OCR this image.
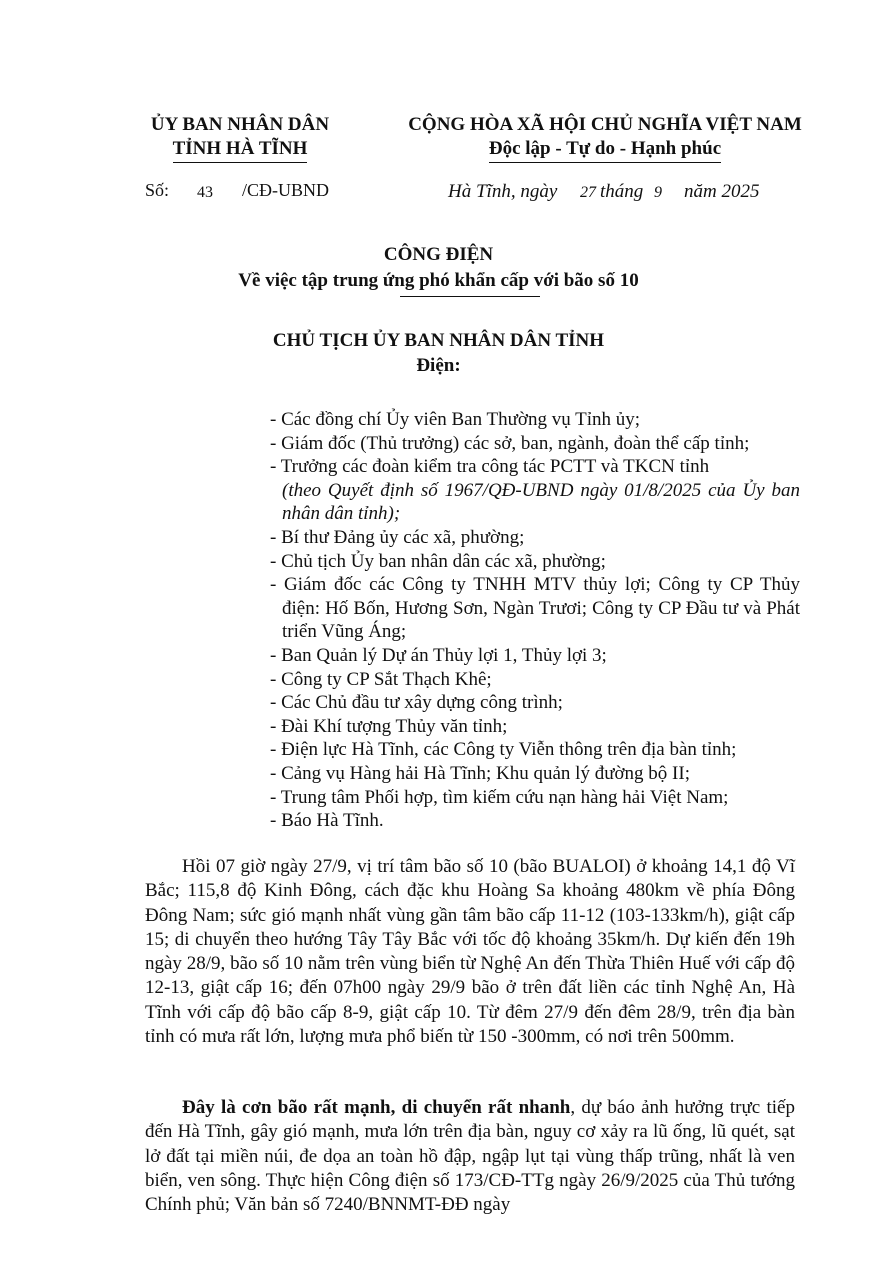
ỦY BAN NHÂN DÂN
TỈNH HÀ TĨNH
CỘNG HÒA XÃ HỘI CHỦ NGHĨA VIỆT NAM
Độc lập - Tự do - Hạnh phúc
Số: 43 /CĐ-UBND	Hà Tĩnh, ngày 27 tháng 9 năm 2025
CÔNG ĐIỆN
Về việc tập trung ứng phó khẩn cấp với bão số 10
CHỦ TỊCH ỦY BAN NHÂN DÂN TỈNH
Điện:

- Các đồng chí Ủy viên Ban Thường vụ Tỉnh ủy;

- Giám đốc (Thủ trưởng) các sở, ban, ngành, đoàn thể cấp tỉnh;

- Trưởng các đoàn kiểm tra công tác PCTT và TKCN tỉnh
(theo Quyết định số 1967/QĐ-UBND ngày 01/8/2025 của Ủy ban nhân dân tỉnh);

- Bí thư Đảng ủy các xã, phường;

- Chủ tịch Ủy ban nhân dân các xã, phường;

- Giám đốc các Công ty TNHH MTV thủy lợi; Công ty CP Thủy điện: Hố Bốn, Hương Sơn, Ngàn Trươi; Công ty CP Đầu tư và Phát triển Vũng Áng;

- Ban Quản lý Dự án Thủy lợi 1, Thủy lợi 3;

- Công ty CP Sắt Thạch Khê;

- Các Chủ đầu tư xây dựng công trình;

- Đài Khí tượng Thủy văn tỉnh;

- Điện lực Hà Tĩnh, các Công ty Viễn thông trên địa bàn tỉnh;

- Cảng vụ Hàng hải Hà Tĩnh; Khu quản lý đường bộ II;

- Trung tâm Phối hợp, tìm kiếm cứu nạn hàng hải Việt Nam;

- Báo Hà Tĩnh.

Hồi 07 giờ ngày 27/9, vị trí tâm bão số 10 (bão BUALOI) ở khoảng 14,1 độ Vĩ Bắc; 115,8 độ Kinh Đông, cách đặc khu Hoàng Sa khoảng 480km về phía Đông Đông Nam; sức gió mạnh nhất vùng gần tâm bão cấp 11-12 (103-133km/h), giật cấp 15; di chuyển theo hướng Tây Tây Bắc với tốc độ khoảng 35km/h. Dự kiến đến 19h ngày 28/9, bão số 10 nằm trên vùng biển từ Nghệ An đến Thừa Thiên Huế với cấp độ 12-13, giật cấp 16; đến 07h00 ngày 29/9 bão ở trên đất liền các tỉnh Nghệ An, Hà Tĩnh với cấp độ bão cấp 8-9, giật cấp 10. Từ đêm 27/9 đến đêm 28/9, trên địa bàn tỉnh có mưa rất lớn, lượng mưa phổ biến từ 150 -300mm, có nơi trên 500mm.

Đây là cơn bão rất mạnh, di chuyển rất nhanh, dự báo ảnh hưởng trực tiếp đến Hà Tĩnh, gây gió mạnh, mưa lớn trên địa bàn, nguy cơ xảy ra lũ ống, lũ quét, sạt lở đất tại miền núi, đe dọa an toàn hồ đập, ngập lụt tại vùng thấp trũng, nhất là ven biển, ven sông. Thực hiện Công điện số 173/CĐ-TTg ngày 26/9/2025 của Thủ tướng Chính phủ; Văn bản số 7240/BNNMT-ĐĐ ngày
